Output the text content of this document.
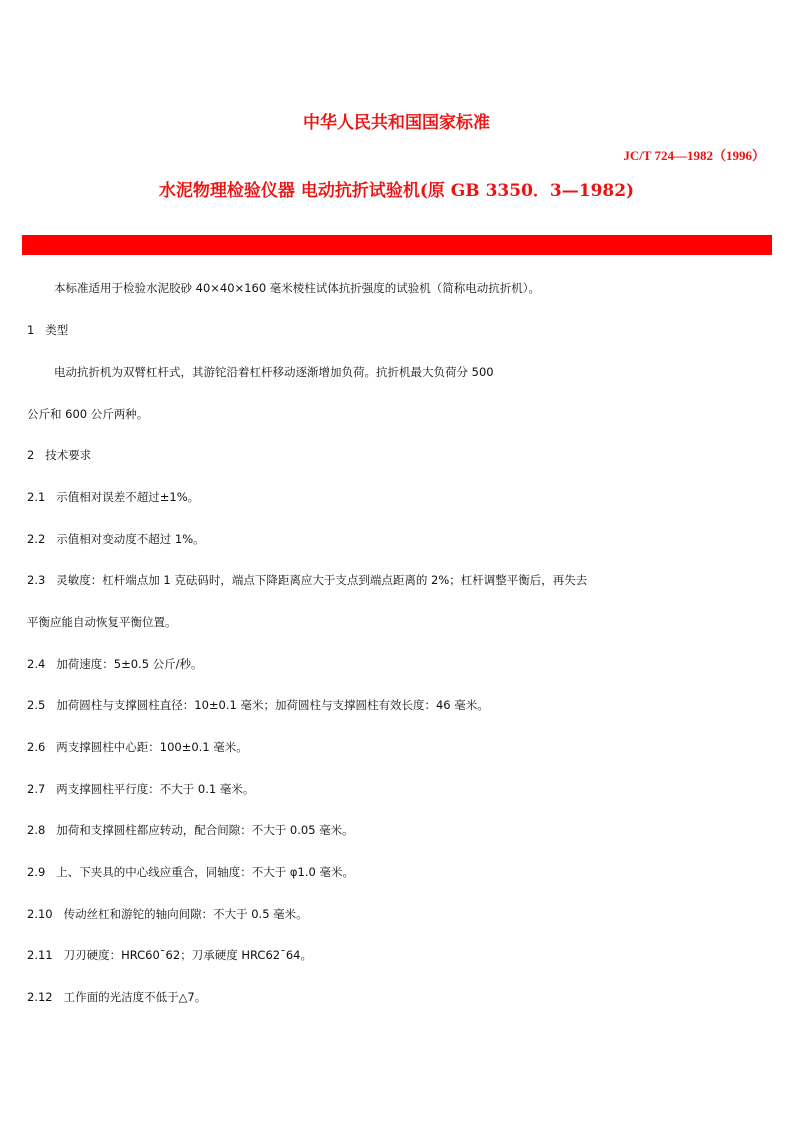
中华人民共和国国家标准
JC/T 724—1982（1996）
水泥物理检验仪器 电动抗折试验机(原 GB 3350．3—1982)
本标准适用于检验水泥胶砂 40×40×160 毫米棱柱试体抗折强度的试验机（简称电动抗折机）。
1 类型
电动抗折机为双臂杠杆式，其游铊沿着杠杆移动逐渐增加负荷。抗折机最大负荷分 500
公斤和 600 公斤两种。
2 技术要求
2.1 示值相对误差不超过±1%。
2.2 示值相对变动度不超过 1%。
2.3 灵敏度：杠杆端点加 1 克砝码时，端点下降距离应大于支点到端点距离的 2%；杠杆调整平衡后，再失去
平衡应能自动恢复平衡位置。
2.4 加荷速度：5±0.5 公斤/秒。
2.5 加荷圆柱与支撑圆柱直径：10±0.1 毫米；加荷圆柱与支撑圆柱有效长度：46 毫米。
2.6 两支撑圆柱中心距：100±0.1 毫米。
2.7 两支撑圆柱平行度：不大于 0.1 毫米。
2.8 加荷和支撑圆柱都应转动，配合间隙：不大于 0.05 毫米。
2.9 上、下夹具的中心线应重合，同轴度：不大于 φ1.0 毫米。
2.10 传动丝杠和游铊的轴向间隙：不大于 0.5 毫米。
2.11 刀刃硬度：HRC60¯62；刀承硬度 HRC62¯64。
2.12 工作面的光洁度不低于△7。
